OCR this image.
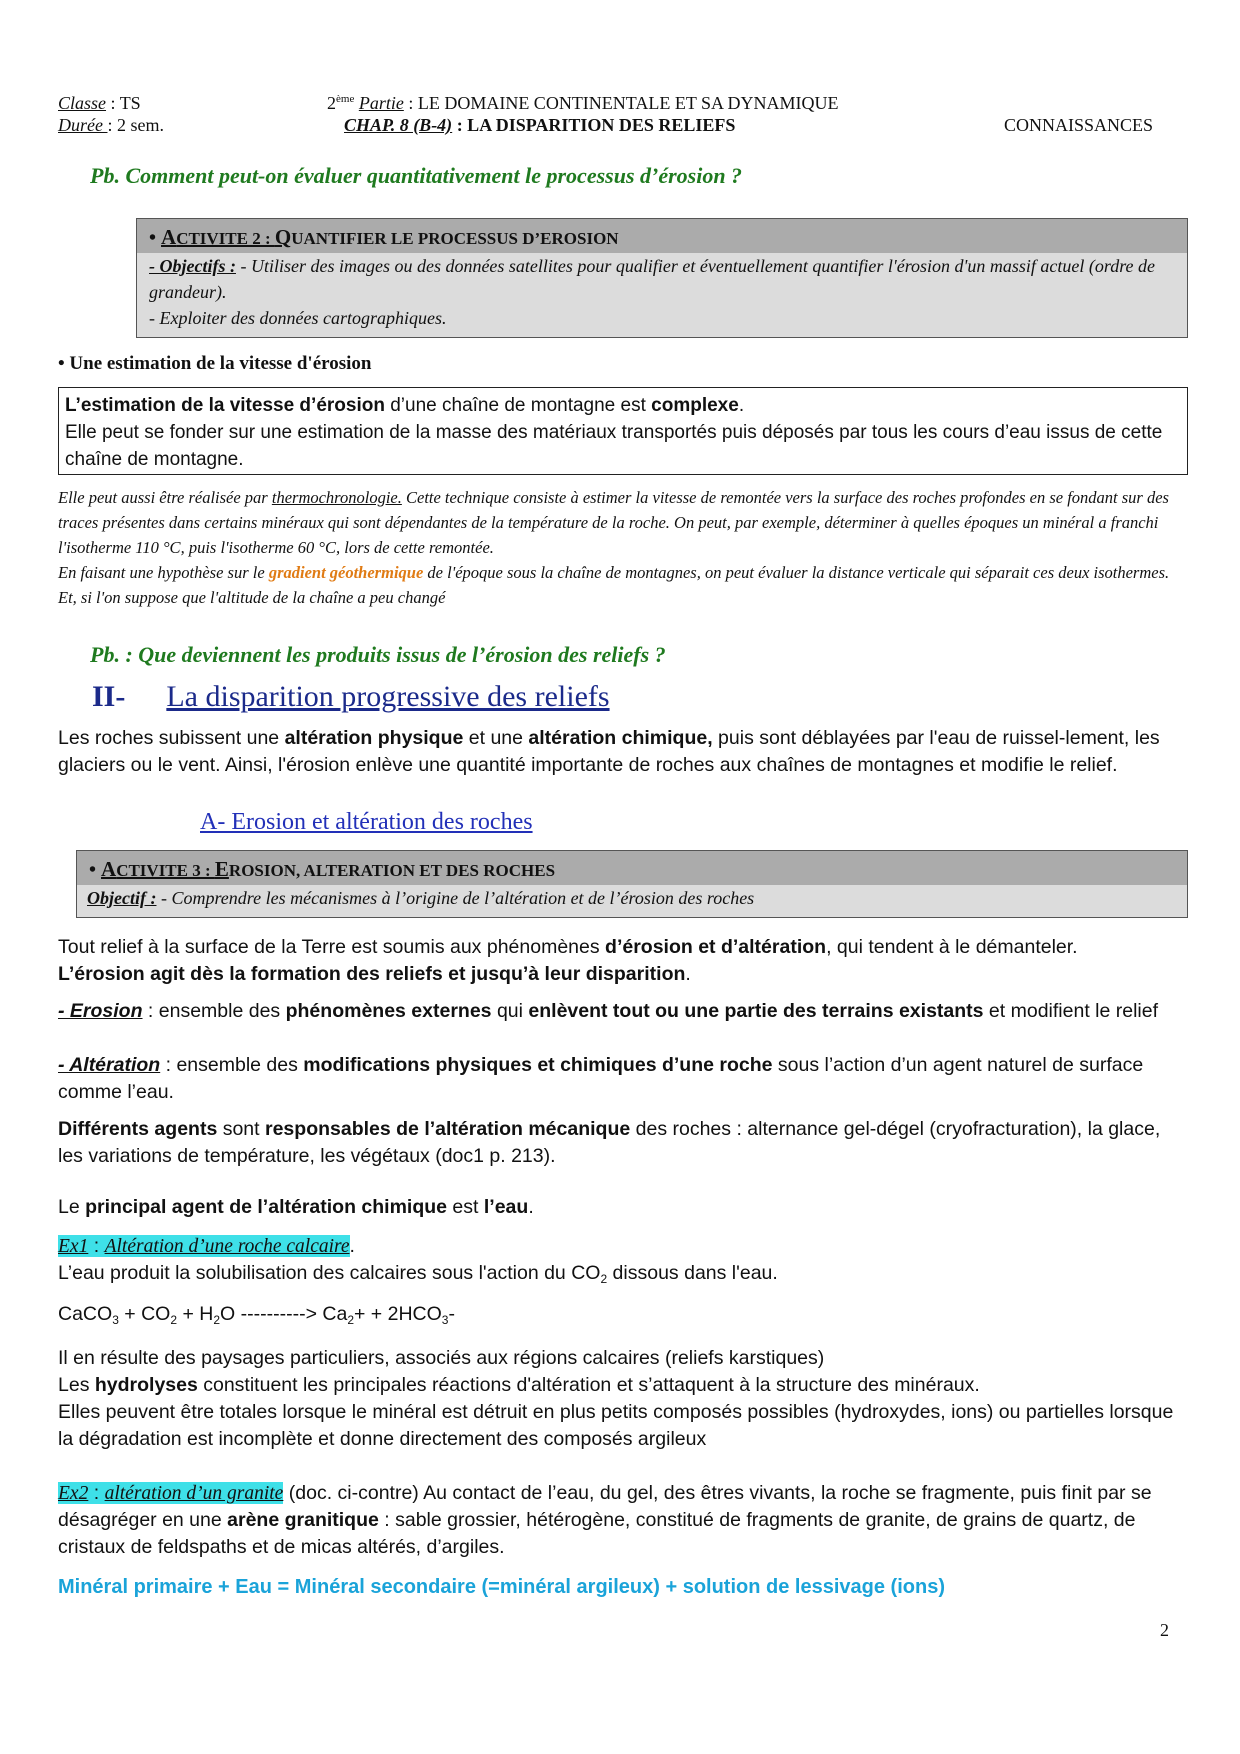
Classe : TS
Durée : 2 sem.
2ème Partie : LE DOMAINE CONTINENTALE ET SA DYNAMIQUE
CHAP. 8 (B-4) : LA DISPARITION DES RELIEFS	CONNAISSANCES
Pb. Comment peut-on évaluer quantitativement le processus d’érosion ?
• ACTIVITE 2 : QUANTIFIER LE PROCESSUS D’EROSION
- Objectifs : - Utiliser des images ou des données satellites pour qualifier et éventuellement quantifier l'érosion d'un massif actuel (ordre de grandeur).
- Exploiter des données cartographiques.
• Une estimation de la vitesse d'érosion
L’estimation de la vitesse d’érosion d’une chaîne de montagne est complexe.
Elle peut se fonder sur une estimation de la masse des matériaux transportés puis déposés par tous les cours d’eau issus de cette chaîne de montagne.
Elle peut aussi être réalisée par thermochronologie. Cette technique consiste à estimer la vitesse de remontée vers la surface des roches profondes en se fondant sur des traces présentes dans certains minéraux qui sont dépendantes de la température de la roche. On peut, par exemple, déterminer à quelles époques un minéral a franchi l'isotherme 110 °C, puis l'isotherme 60 °C, lors de cette remontée.
En faisant une hypothèse sur le gradient géothermique de l'époque sous la chaîne de montagnes, on peut évaluer la distance verticale qui séparait ces deux isothermes. Et, si l'on suppose que l'altitude de la chaîne a peu changé
Pb. : Que deviennent les produits issus de l’érosion des reliefs ?
II- La disparition progressive des reliefs
Les roches subissent une altération physique et une altération chimique, puis sont déblayées par l'eau de ruissel-lement, les glaciers ou le vent. Ainsi, l'érosion enlève une quantité importante de roches aux chaînes de montagnes et modifie le relief.
A- Erosion et altération des roches
• ACTIVITE 3 : EROSION, ALTERATION ET DES ROCHES
Objectif : - Comprendre les mécanismes à l’origine de l’altération et de l’érosion des roches
Tout relief à la surface de la Terre est soumis aux phénomènes d’érosion et d’altération, qui tendent à le démanteler.
L’érosion agit dès la formation des reliefs et jusqu’à leur disparition.
- Erosion : ensemble des phénomènes externes qui enlèvent tout ou une partie des terrains existants et modifient le relief
- Altération : ensemble des modifications physiques et chimiques d’une roche sous l’action d’un agent naturel de surface comme l’eau.
Différents agents sont responsables de l’altération mécanique des roches : alternance gel-dégel (cryofracturation), la glace, les variations de température, les végétaux (doc1 p. 213).
Le principal agent de l’altération chimique est l’eau.
Ex1 : Altération d’une roche calcaire.
L’eau produit la solubilisation des calcaires sous l'action du $CO_2$ dissous dans l'eau.
CaCO$_3$ + $CO_2 + H_2O$ ----------> $Ca_2+ + 2HCO_3-$
Il en résulte des paysages particuliers, associés aux régions calcaires (reliefs karstiques)
Les hydrolyses constituent les principales réactions d'altération et s’attaquent à la structure des minéraux.
Elles peuvent être totales lorsque le minéral est détruit en plus petits composés possibles (hydroxydes, ions) ou partielles lorsque la dégradation est incomplète et donne directement des composés argileux
Ex2 : altération d’un granite (doc. ci-contre) Au contact de l’eau, du gel, des êtres vivants, la roche se fragmente, puis finit par se désagréger en une arène granitique : sable grossier, hétérogène, constitué de fragments de granite, de grains de quartz, de cristaux de feldspaths et de micas altérés, d’argiles.
Minéral primaire + Eau = Minéral secondaire (=minéral argileux) + solution de lessivage (ions)
2
